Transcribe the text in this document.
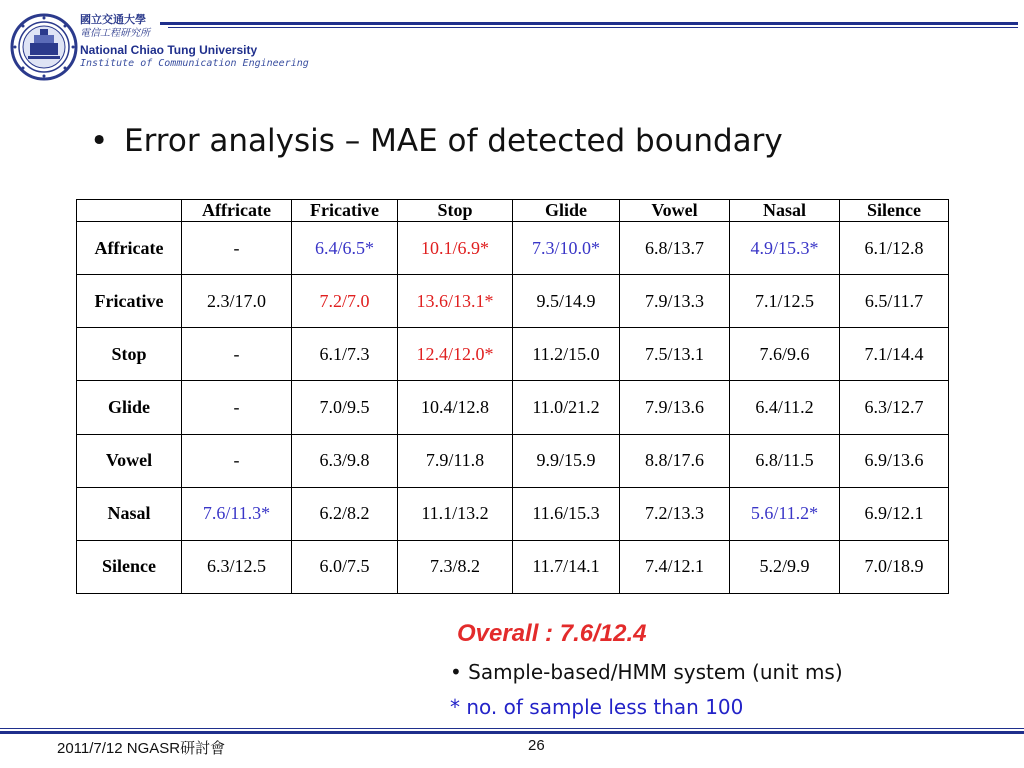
國立交通大學
電信工程研究所
National Chiao Tung University
Institute of Communication Engineering
• Error analysis – MAE of detected boundary
	Affricate	Fricative	Stop	Glide	Vowel	Nasal	Silence
Affricate	-	6.4/6.5*	10.1/6.9*	7.3/10.0*	6.8/13.7	4.9/15.3*	6.1/12.8
Fricative	2.3/17.0	7.2/7.0	13.6/13.1*	9.5/14.9	7.9/13.3	7.1/12.5	6.5/11.7
Stop	-	6.1/7.3	12.4/12.0*	11.2/15.0	7.5/13.1	7.6/9.6	7.1/14.4
Glide	-	7.0/9.5	10.4/12.8	11.0/21.2	7.9/13.6	6.4/11.2	6.3/12.7
Vowel	-	6.3/9.8	7.9/11.8	9.9/15.9	8.8/17.6	6.8/11.5	6.9/13.6
Nasal	7.6/11.3*	6.2/8.2	11.1/13.2	11.6/15.3	7.2/13.3	5.6/11.2*	6.9/12.1
Silence	6.3/12.5	6.0/7.5	7.3/8.2	11.7/14.1	7.4/12.1	5.2/9.9	7.0/18.9
Overall : 7.6/12.4
• Sample-based/HMM system (unit ms)
* no. of sample less than 100
2011/7/12 NGASR研討會	26
